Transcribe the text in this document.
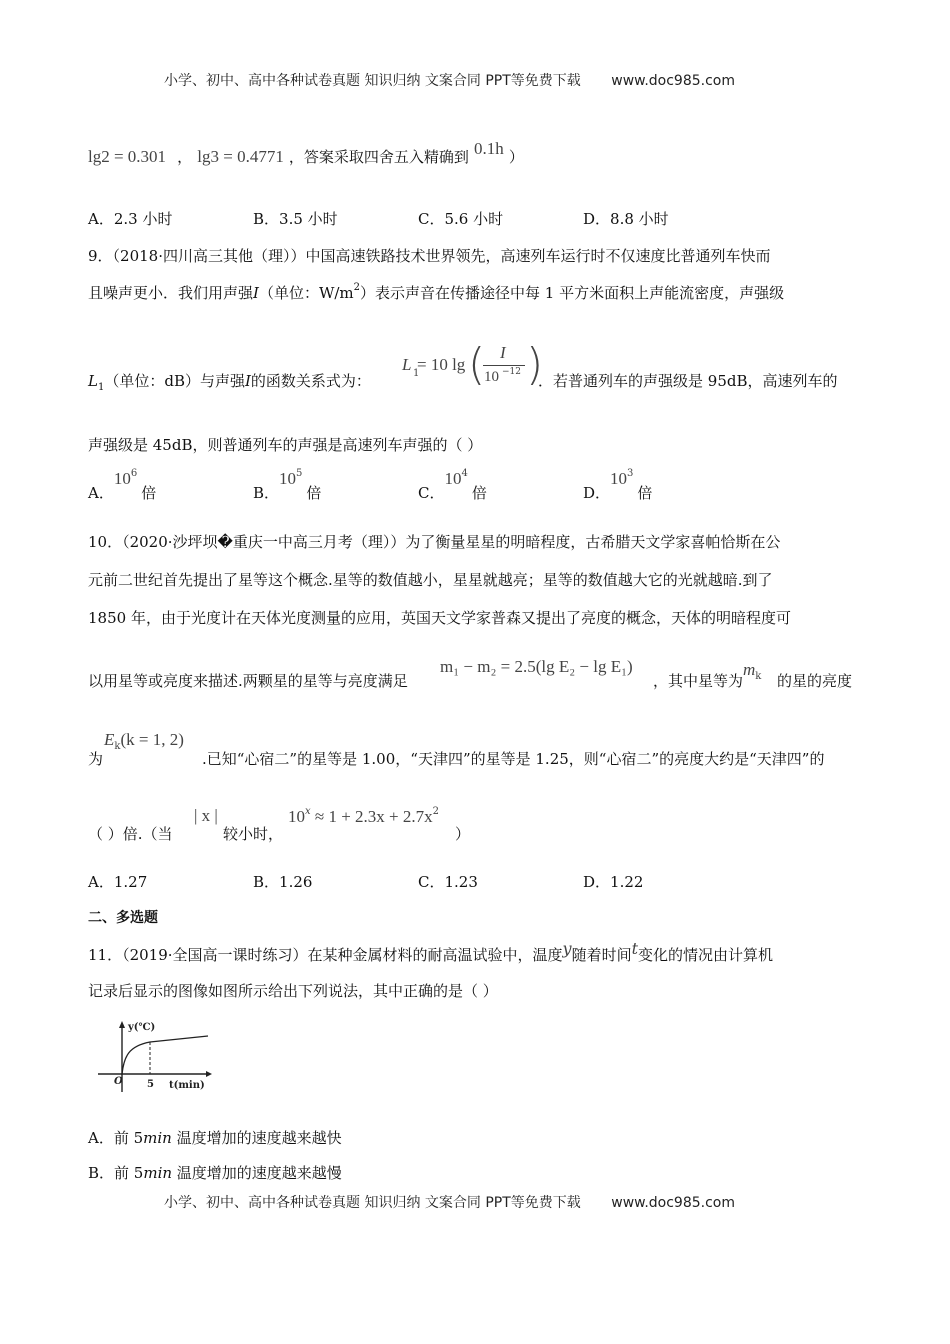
小学、初中、高中各种试卷真题 知识归纳 文案合同 PPT等免费下载 www.doc985.com
lg2 = 0.301 ， lg3 = 0.4771 ，答案采取四舍五入精确到 0.1h ）
A．2.3 小时	B．3.5 小时	C．5.6 小时	D．8.8 小时
9．（2018·四川高三其他（理））中国高速铁路技术世界领先，高速列车运行时不仅速度比普通列车快而
且噪声更小．我们用声强I（单位：$W/m^2$）表示声音在传播途径中每 1 平方米面积上声能流密度，声强级
$L_1$（单位：dB）与声强I的函数关系式为：
L 1
= 10 lg ( I
10 −12 )
．若普通列车的声强级是 95dB，高速列车的
声强级是 45dB，则普通列车的声强是高速列车声强的（ ）
A．$10^6$倍	B．$10^5$倍	C．$10^4$倍	D．$10^3$倍
10．（2020·沙坪坝�重庆一中高三月考（理））为了衡量星星的明暗程度，古希腊天文学家喜帕恰斯在公
元前二世纪首先提出了星等这个概念.星等的数值越小，星星就越亮；星等的数值越大它的光就越暗.到了
1850 年，由于光度计在天体光度测量的应用，英国天文学家普森又提出了亮度的概念，天体的明暗程度可
以用星等或亮度来描述.两颗星的星等与亮度满足
m₁ − m₂ = 2.5(lg E₂ − lg E₁)
，其中星等为
$m_k$ 的星的亮度
为
$E_k(k = 1$, 2)
.已知“心宿二”的星等是 1.00，“天津四”的星等是 1.25，则“心宿二”的亮度大约是“天津四”的
（ ）倍.（当
| x |
较小时，
$10^x \approx 1 + 2.3x + 2.7x^2$
）
A．1.27	B．1.26	C．1.23	D．1.22
二、多选题
11．（2019·全国高一课时练习）在某种金属材料的耐高温试验中，温度y随着时间t变化的情况由计算机
记录后显示的图像如图所示给出下列说法，其中正确的是（ ）
y(℃)
O 5 t(min)
A．前 5min 温度增加的速度越来越快
B．前 5min 温度增加的速度越来越慢
小学、初中、高中各种试卷真题 知识归纳 文案合同 PPT等免费下载 www.doc985.com
